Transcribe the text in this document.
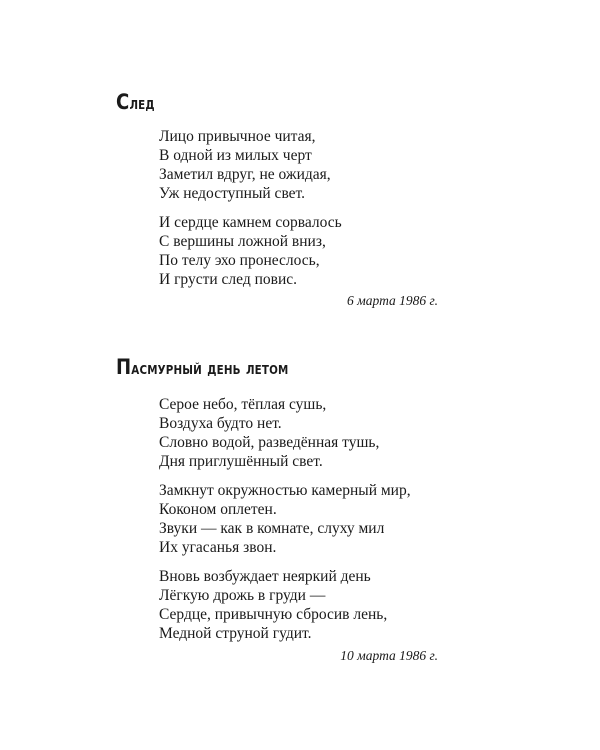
След
Лицо привычное читая,
В одной из милых черт
Заметил вдруг, не ожидая,
Уж недоступный свет.
И сердце камнем сорвалось
С вершины ложной вниз,
По телу эхо пронеслось,
И грусти след повис.

6 марта 1986 г.

Пасмурный день летом
Серое небо, тёплая сушь,
Воздуха будто нет.
Словно водой, разведённая тушь,
Дня приглушённый свет.
Замкнут окружностью камерный мир,
Коконом оплетен.
Звуки — как в комнате, слуху мил
Их угасанья звон.
Вновь возбуждает неяркий день
Лёгкую дрожь в груди —
Сердце, привычную сбросив лень,
Медной струной гудит.

10 марта 1986 г.
